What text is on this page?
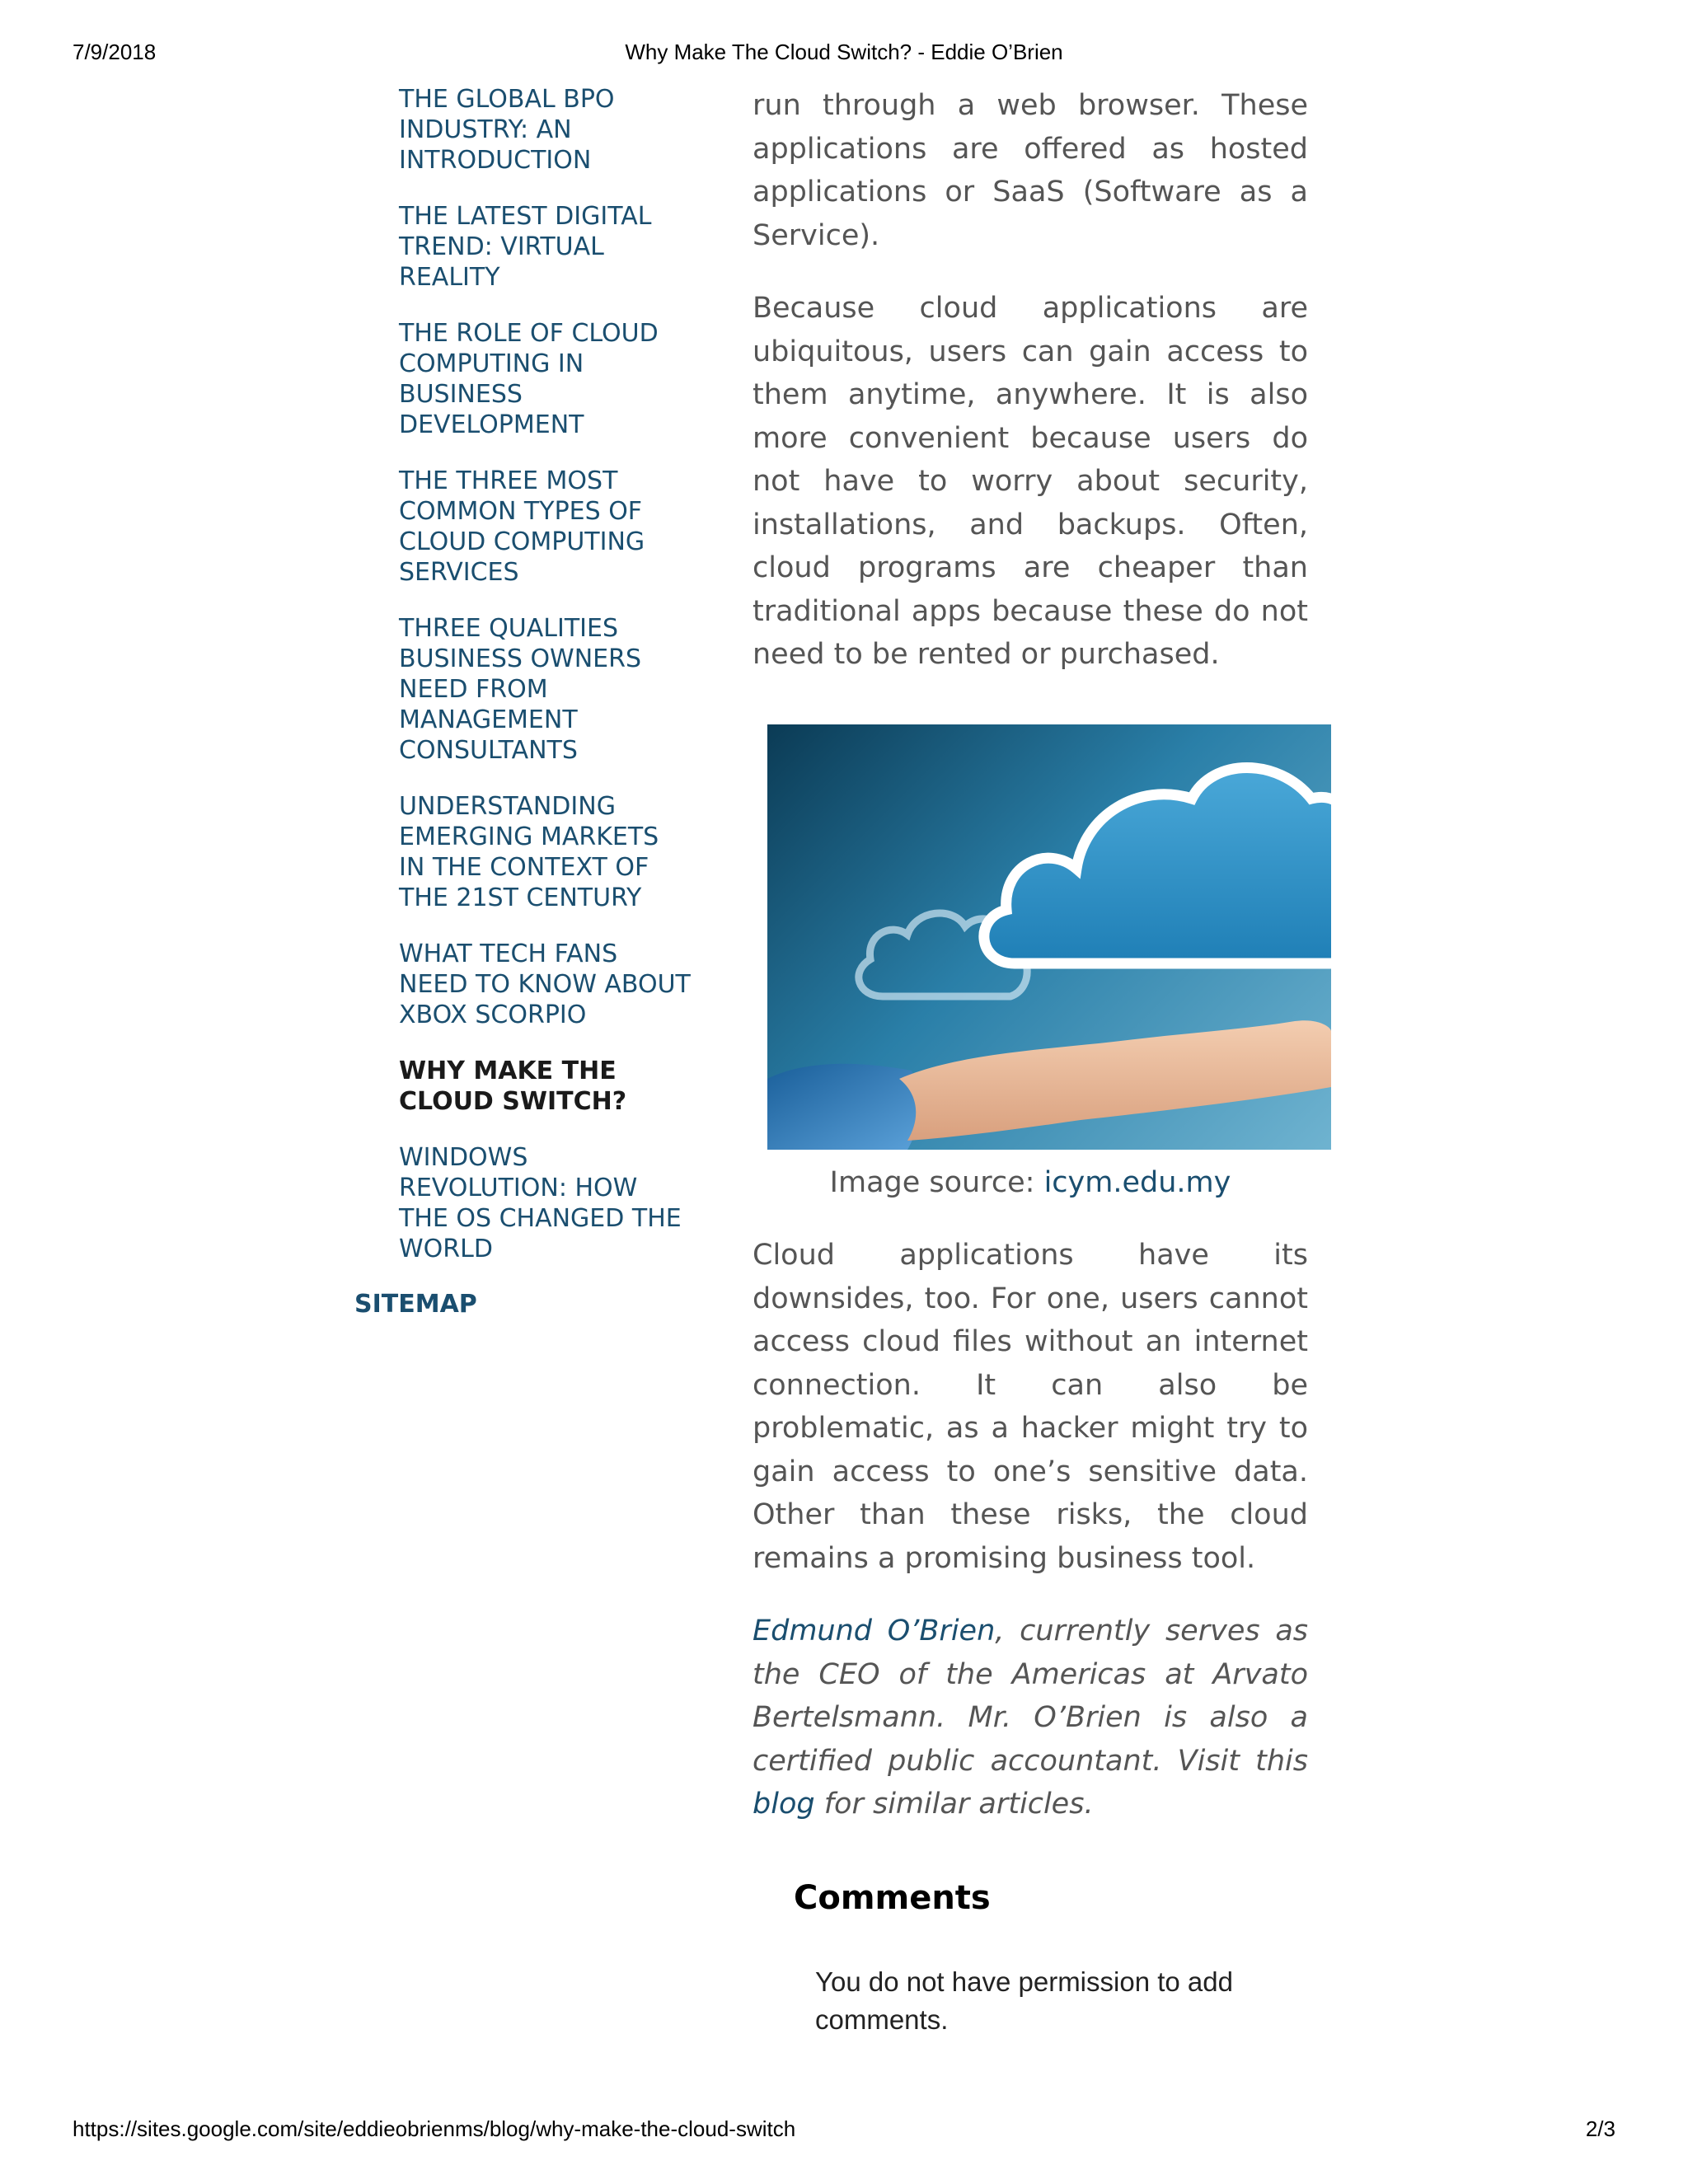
7/9/2018	Why Make The Cloud Switch? - Eddie O’Brien
THE GLOBAL BPO INDUSTRY: AN INTRODUCTION
THE LATEST DIGITAL TREND: VIRTUAL REALITY
THE ROLE OF CLOUD COMPUTING IN BUSINESS DEVELOPMENT
THE THREE MOST COMMON TYPES OF CLOUD COMPUTING SERVICES
THREE QUALITIES BUSINESS OWNERS NEED FROM MANAGEMENT CONSULTANTS
UNDERSTANDING EMERGING MARKETS IN THE CONTEXT OF THE 21ST CENTURY
WHAT TECH FANS NEED TO KNOW ABOUT XBOX SCORPIO
WHY MAKE THE CLOUD SWITCH?
WINDOWS REVOLUTION: HOW THE OS CHANGED THE WORLD
SITEMAP

run through a web browser. These applications are offered as hosted applications or SaaS (Software as a Service).

Because cloud applications are ubiquitous, users can gain access to them anytime, anywhere. It is also more convenient because users do not have to worry about security, installations, and backups. Often, cloud programs are cheaper than traditional apps because these do not need to be rented or purchased.

Image source: icym.edu.my

Cloud applications have its downsides, too. For one, users cannot access cloud files without an internet connection. It can also be problematic, as a hacker might try to gain access to one’s sensitive data. Other than these risks, the cloud remains a promising business tool.

Edmund O’Brien, currently serves as the CEO of the Americas at Arvato Bertelsmann. Mr. O’Brien is also a certified public accountant. Visit this blog for similar articles.

Comments
You do not have permission to add comments.
https://sites.google.com/site/eddieobrienms/blog/why-make-the-cloud-switch	2/3
